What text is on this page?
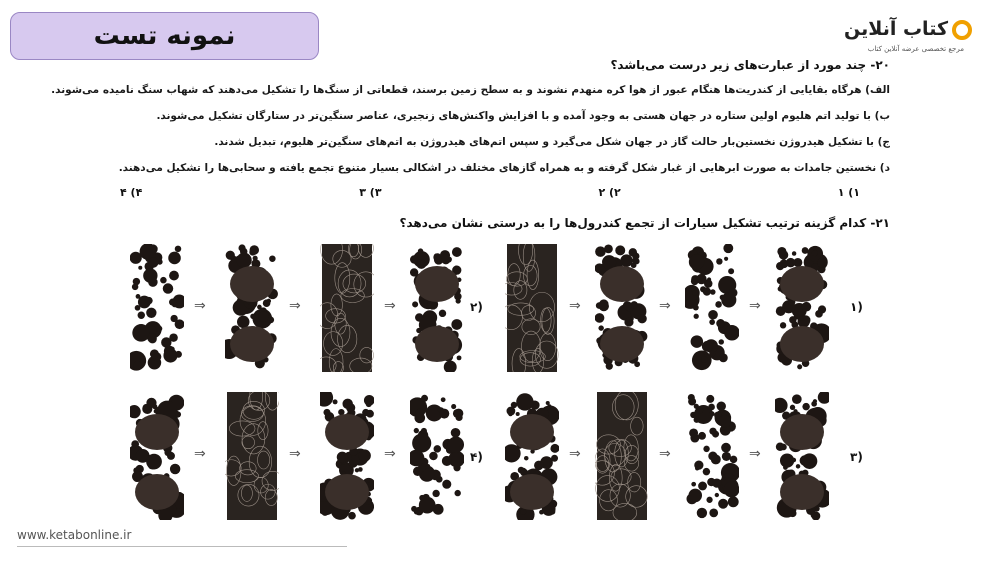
نمونه تست	کتاب آنلاین
مرجع تخصصی عرضه آنلاین کتاب
۲۰- چند مورد از عبارت‌های زیر درست می‌باشد؟
الف) هرگاه بقایایی از کندریت‌ها هنگام عبور از هوا کره منهدم نشوند و به سطح زمین برسند، قطعاتی از سنگ‌ها را تشکیل می‌دهند که شهاب سنگ نامیده می‌شوند.
ب) با تولید اتم هلیوم اولین ستاره در جهان هستی به وجود آمده و با افزایش واکنش‌های زنجیری، عناصر سنگین‌تر در ستارگان تشکیل می‌شوند.
ج) با تشکیل هیدروژن نخستین‌بار حالت گاز در جهان شکل می‌گیرد و سپس اتم‌های هیدروژن به اتم‌های سنگین‌تر هلیوم، تبدیل شدند.
د) نخستین جامدات به صورت ابرهایی از غبار شکل گرفته و به همراه گازهای مختلف در اشکالی بسیار متنوع تجمع یافته و سحابی‌ها را تشکیل می‌دهند.
۱) ۱
۲) ۲
۳) ۳
۴) ۴
۲۱- کدام گزینه ترتیب تشکیل سیارات از تجمع کندرول‌ها را به درستی نشان می‌دهد؟
⇒	⇒	⇒	⇒	⇒	⇒
⇒	⇒	⇒	⇒	⇒	⇒
۱)
۲)
۳)
۴)
www.ketabonline.ir
